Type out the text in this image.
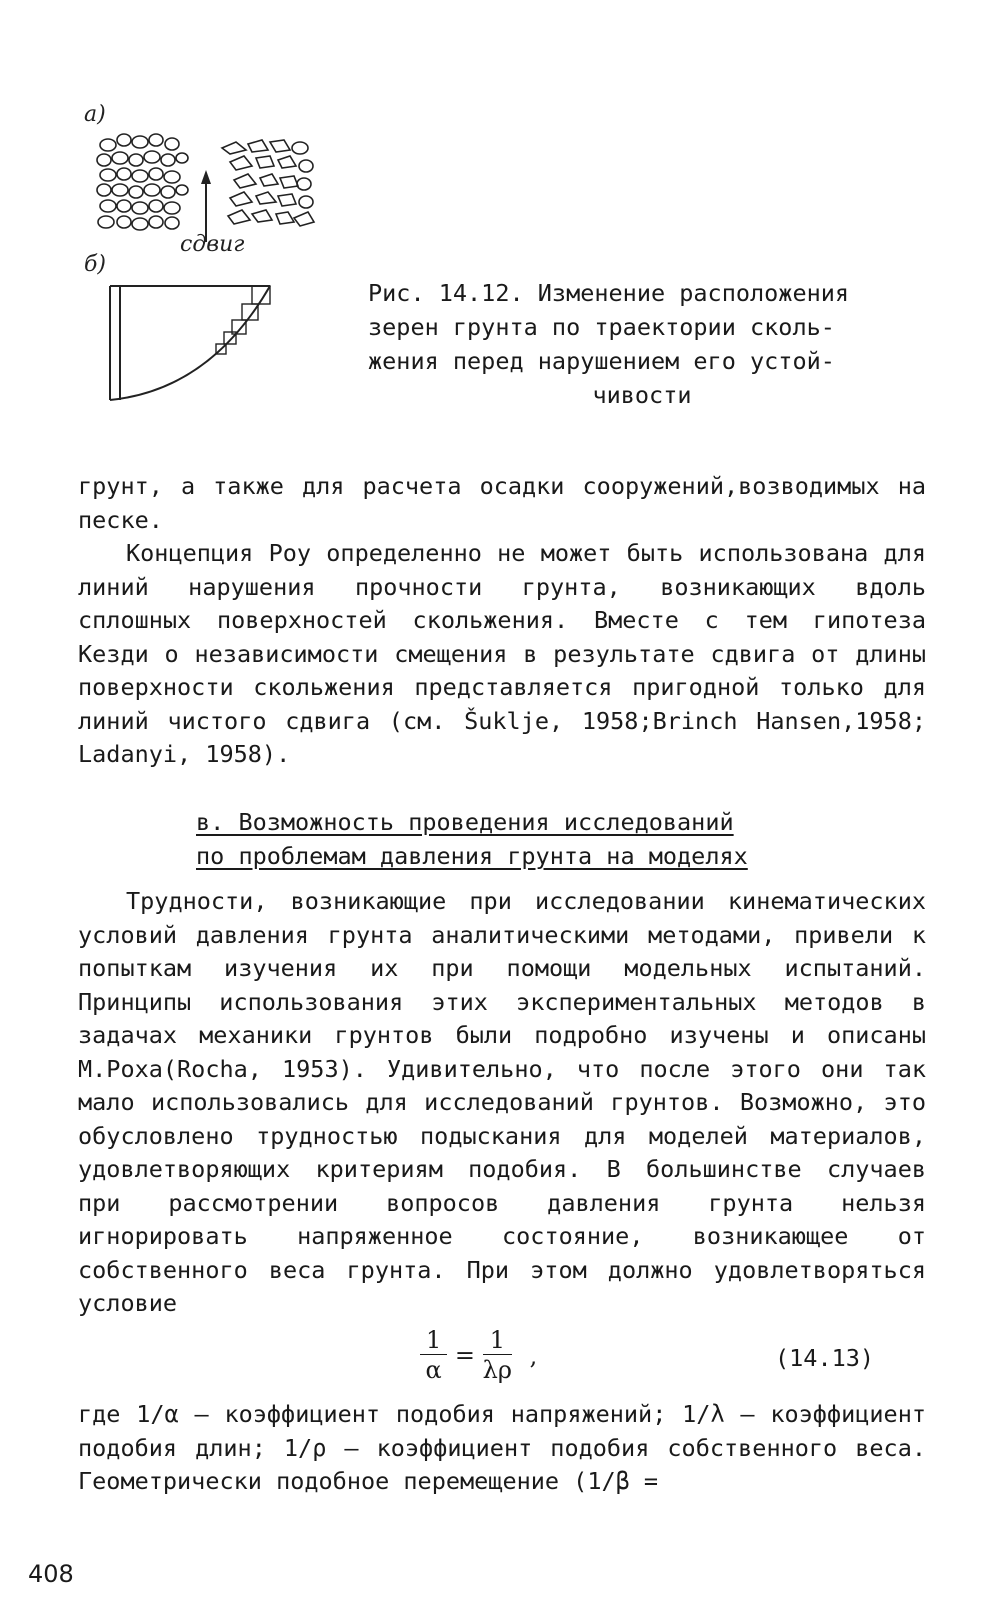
а)
б)
сдвиг
Рис. 14.12. Изменение расположения
зерен грунта по траектории сколь-
жения перед нарушением его устой-
чивости

грунт, а также для расчета осадки сооружений,возводимых на песке.

Концепция Роу определенно не может быть использована для линий нарушения прочности грунта, возникающих вдоль сплошных поверхностей скольжения. Вместе с тем гипотеза Кезди о независимости смещения в результате сдвига от длины поверхности скольжения представляется пригодной только для линий чистого сдвига (см. Šuklje, 1958;Brinch Hansen,1958; Ladanyi, 1958).

в. Возможность проведения исследований
по проблемам давления грунта на моделях

Трудности, возникающие при исследовании кинематических условий давления грунта аналитическими методами, привели к попыткам изучения их при помощи модельных испытаний. Принципы использования этих экспериментальных методов в задачах механики грунтов были подробно изучены и описаны М.Роха(Rocha, 1953). Удивительно, что после этого они так мало использовались для исследований грунтов. Возможно, это обусловлено трудностью подыскания для моделей материалов, удовлетворяющих критериям подобия. В большинстве случаев при рассмотрении вопросов давления грунта нельзя игнорировать напряженное состояние, возникающее от собственного веса грунта. При этом должно удовлетворяться условие

$\frac{1}{\alpha} = \frac{1}{\lambda\rho}$ ,	(14.13)

где 1/α – коэффициент подобия напряжений; 1/λ – коэффициент подобия длин; 1/ρ – коэффициент подобия собственного веса. Геометрически подобное перемещение (1/β =

408
